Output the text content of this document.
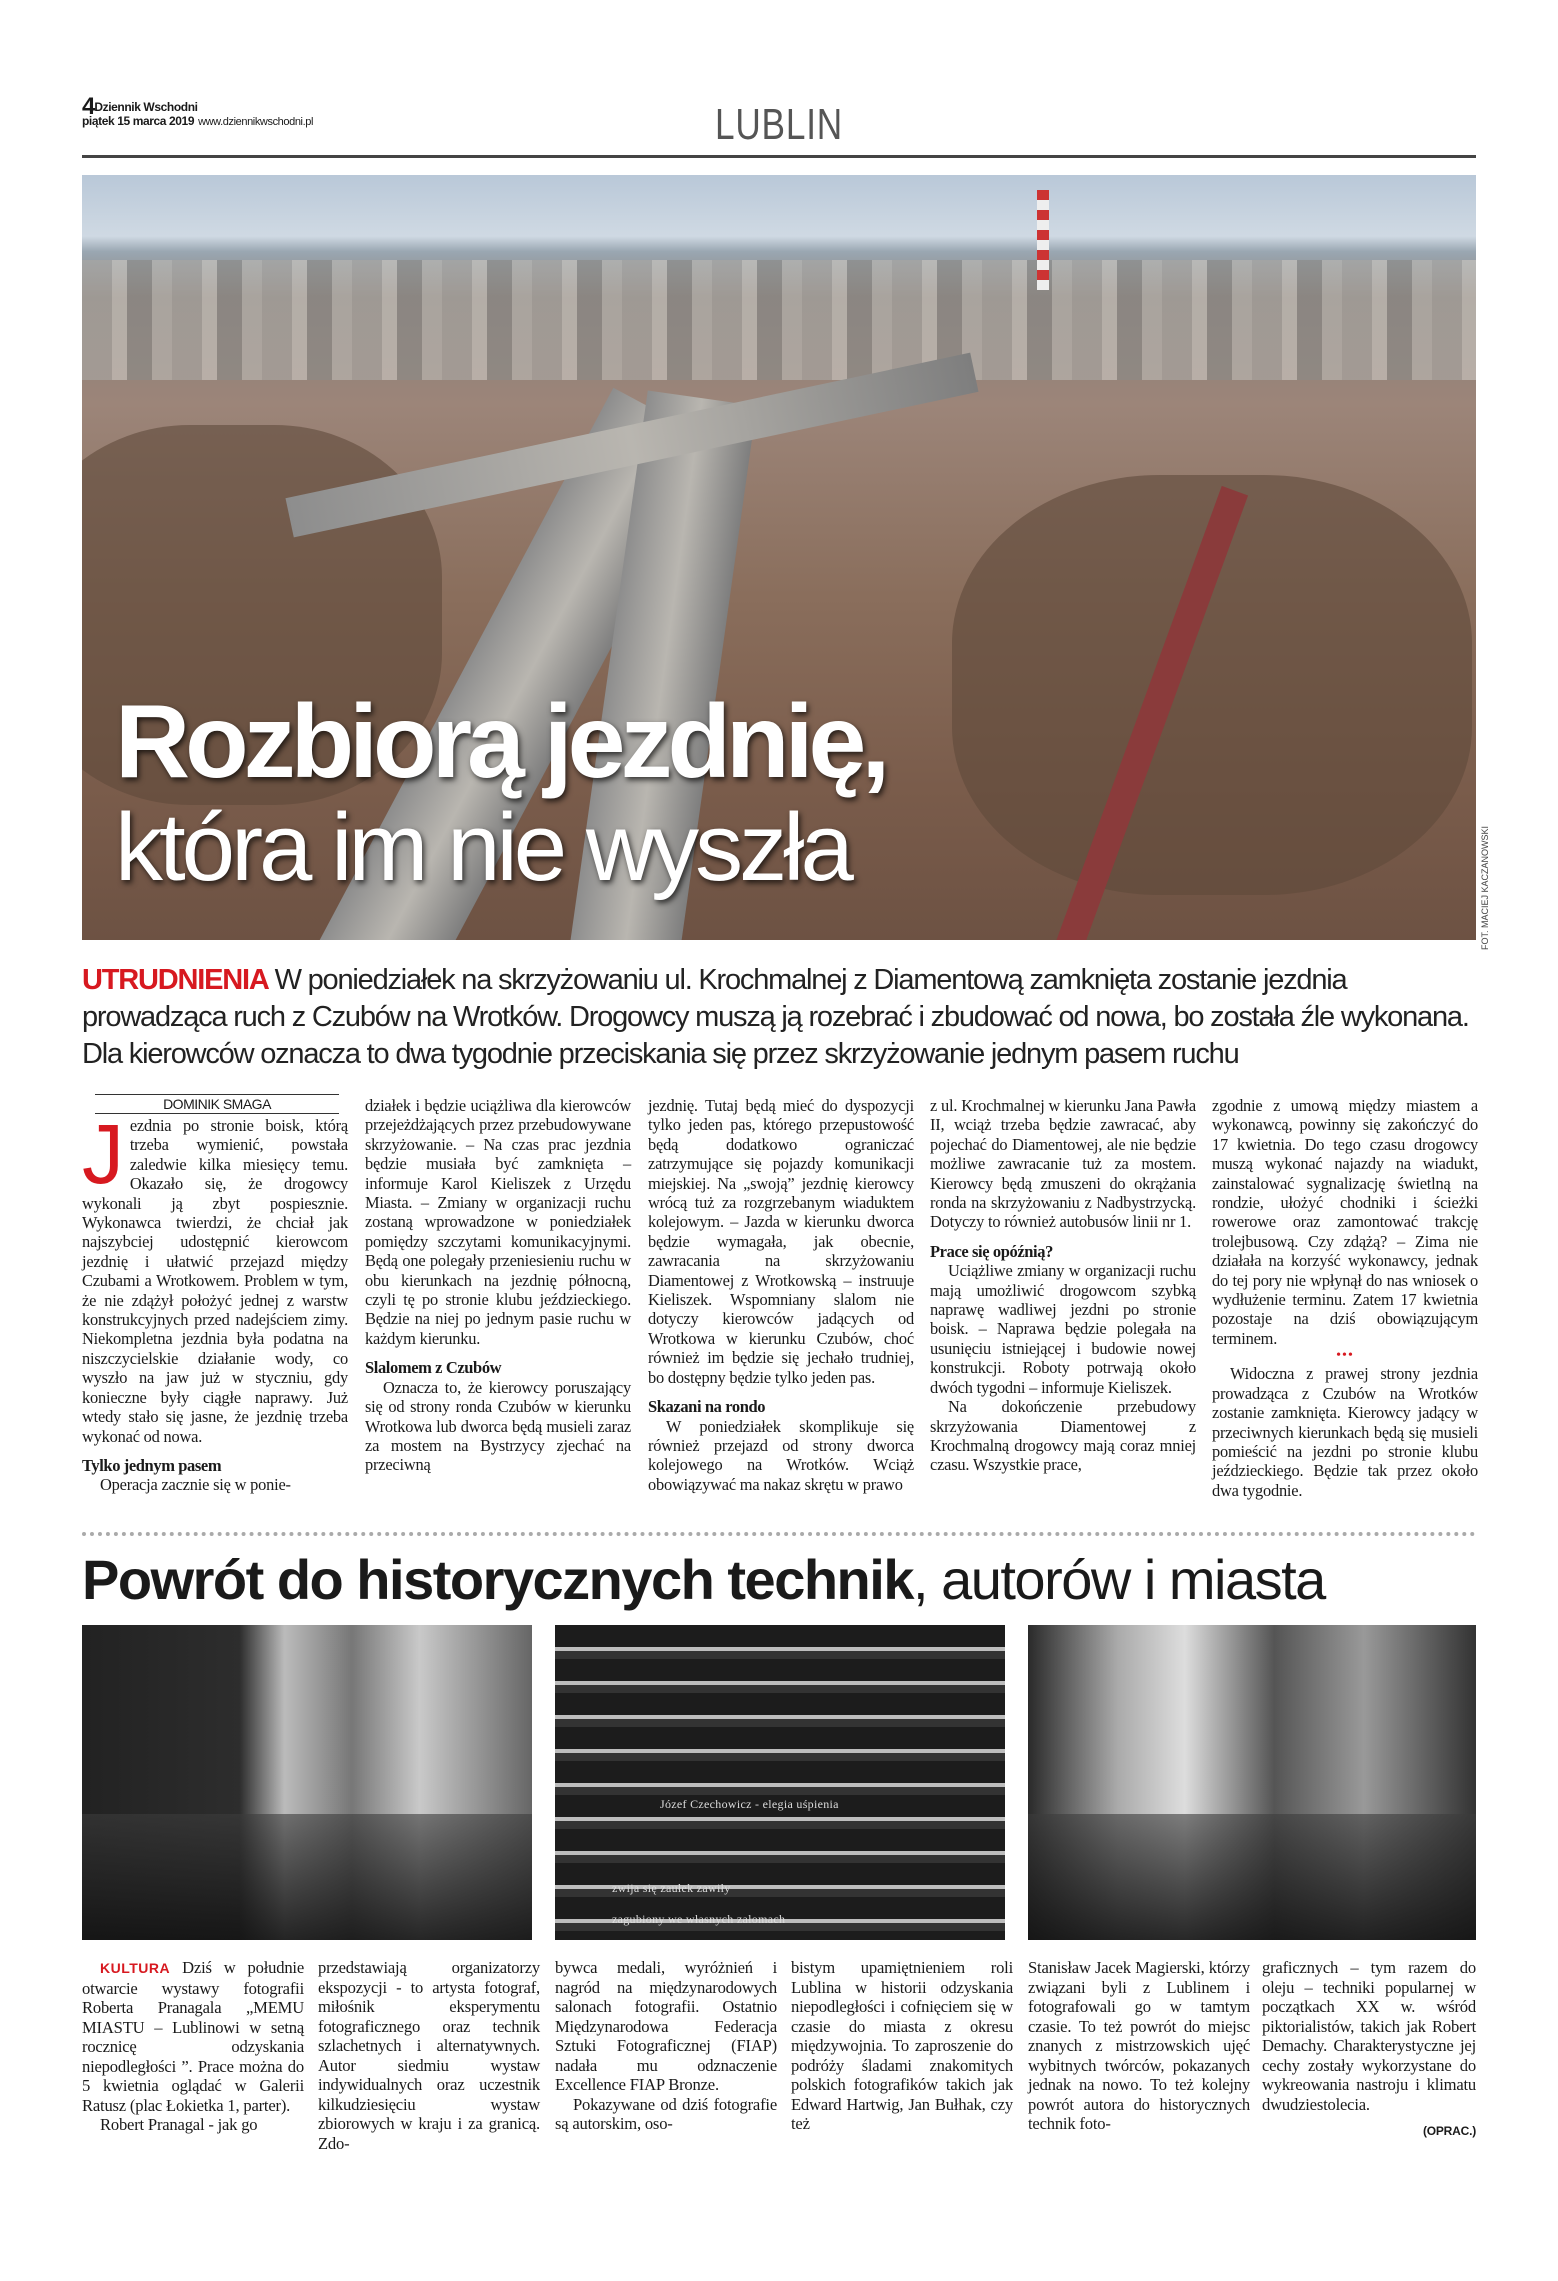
4Dziennik Wschodni
piątek 15 marca 2019 www.dziennikwschodni.pl	LUBLIN
Rozbiorą jezdnię,
która im nie wyszła	FOT. MACIEJ KACZANOWSKI
UTRUDNIENIA W poniedziałek na skrzyżowaniu ul. Krochmalnej z Diamentową zamknięta zostanie jezdnia prowadząca ruch z Czubów na Wrotków. Drogowcy muszą ją rozebrać i zbudować od nowa, bo została źle wykonana. Dla kierowców oznacza to dwa tygodnie przeciskania się przez skrzyżowanie jednym pasem ruchu
DOMINIK SMAGA
J ezdnia po stronie boisk, którą trzeba wymienić, powstała zaledwie kilka miesięcy temu. Okazało się, że drogowcy wykonali ją zbyt pospiesznie. Wykonawca twierdzi, że chciał jak najszybciej udostępnić kierowcom jezdnię i ułatwić przejazd między Czubami a Wrotkowem. Problem w tym, że nie zdążył położyć jednej z warstw konstrukcyjnych przed nadejściem zimy. Niekompletna jezdnia była podatna na niszczycielskie działanie wody, co wyszło na jaw już w styczniu, gdy konieczne były ciągłe naprawy. Już wtedy stało się jasne, że jezdnię trzeba wykonać od nowa.

Tylko jednym pasem

Operacja zacznie się w ponie-

działek i będzie uciążliwa dla kierowców przejeżdżających przez przebudowywane skrzyżowanie. – Na czas prac jezdnia będzie musiała być zamknięta – informuje Karol Kieliszek z Urzędu Miasta. – Zmiany w organizacji ruchu zostaną wprowadzone w poniedziałek pomiędzy szczytami komunikacyjnymi. Będą one polegały przeniesieniu ruchu w obu kierunkach na jezdnię północną, czyli tę po stronie klubu jeździeckiego. Będzie na niej po jednym pasie ruchu w każdym kierunku.

Slalomem z Czubów

Oznacza to, że kierowcy poruszający się od strony ronda Czubów w kierunku Wrotkowa lub dworca będą musieli zaraz za mostem na Bystrzycy zjechać na przeciwną

jezdnię. Tutaj będą mieć do dyspozycji tylko jeden pas, którego przepustowość będą dodatkowo ograniczać zatrzymujące się pojazdy komunikacji miejskiej. Na „swoją” jezdnię kierowcy wrócą tuż za rozgrzebanym wiaduktem kolejowym. – Jazda w kierunku dworca będzie wymagała, jak obecnie, zawracania na skrzyżowaniu Diamentowej z Wrotkowską – instruuje Kieliszek. Wspomniany slalom nie dotyczy kierowców jadących od Wrotkowa w kierunku Czubów, choć również im będzie się jechało trudniej, bo dostępny będzie tylko jeden pas.

Skazani na rondo

W poniedziałek skomplikuje się również przejazd od strony dworca kolejowego na Wrotków. Wciąż obowiązywać ma nakaz skrętu w prawo

z ul. Krochmalnej w kierunku Jana Pawła II, wciąż trzeba będzie zawracać, aby pojechać do Diamentowej, ale nie będzie możliwe zawracanie tuż za mostem. Kierowcy będą zmuszeni do okrążania ronda na skrzyżowaniu z Nadbystrzycką. Dotyczy to również autobusów linii nr 1.

Prace się opóźnią?

Uciążliwe zmiany w organizacji ruchu mają umożliwić drogowcom szybką naprawę wadliwej jezdni po stronie boisk. – Naprawa będzie polegała na usunięciu istniejącej i budowie nowej konstrukcji. Roboty potrwają około dwóch tygodni – informuje Kieliszek.

Na dokończenie przebudowy skrzyżowania Diamentowej z Krochmalną drogowcy mają coraz mniej czasu. Wszystkie prace,

zgodnie z umową między miastem a wykonawcą, powinny się zakończyć do 17 kwietnia. Do tego czasu drogowcy muszą wykonać najazdy na wiadukt, zainstalować sygnalizację świetlną na rondzie, ułożyć chodniki i ścieżki rowerowe oraz zamontować trakcję trolejbusową. Czy zdążą? – Zima nie działała na korzyść wykonawcy, jednak do tej pory nie wpłynął do nas wniosek o wydłużenie terminu. Zatem 17 kwietnia pozostaje na dziś obowiązującym terminem.

•••

Widoczna z prawej strony jezdnia prowadząca z Czubów na Wrotków zostanie zamknięta. Kierowcy jadący w przeciwnych kierunkach będą się musieli pomieścić na jezdni po stronie klubu jeździeckiego. Będzie tak przez około dwa tygodnie.

Powrót do historycznych technik, autorów i miasta
Józef Czechowicz - elegia uśpienia
zwija się zaułek zawiły
zagubiony we własnych załomach

KULTURA Dziś w południe otwarcie wystawy fotografii Roberta Pranagala „MEMU MIASTU – Lublinowi w setną rocznicę odzyskania niepodległości ”. Prace można do 5 kwietnia oglądać w Galerii Ratusz (plac Łokietka 1, parter).

Robert Pranagal - jak go

przedstawiają organizatorzy ekspozycji - to artysta fotograf, miłośnik eksperymentu fotograficznego oraz technik szlachetnych i alternatywnych. Autor siedmiu wystaw indywidualnych oraz uczestnik kilkudziesięciu wystaw zbiorowych w kraju i za granicą. Zdo-

bywca medali, wyróżnień i nagród na międzynarodowych salonach fotografii. Ostatnio Międzynarodowa Federacja Sztuki Fotograficznej (FIAP) nadała mu odznaczenie Excellence FIAP Bronze.

Pokazywane od dziś fotografie są autorskim, oso-

bistym upamiętnieniem roli Lublina w historii odzyskania niepodległości i cofnięciem się w czasie do miasta z okresu międzywojnia. To zaproszenie do podróży śladami znakomitych polskich fotografików takich jak Edward Hartwig, Jan Bułhak, czy też

Stanisław Jacek Magierski, którzy związani byli z Lublinem i fotografowali go w tamtym czasie. To też powrót do miejsc znanych z mistrzowskich ujęć wybitnych twórców, pokazanych jednak na nowo. To też kolejny powrót autora do historycznych technik foto-

graficznych – tym razem do oleju – techniki popularnej w początkach XX w. wśród piktorialistów, takich jak Robert Demachy. Charakterystyczne jej cechy zostały wykorzystane do wykreowania nastroju i klimatu dwudziestolecia.

(OPRAC.)
